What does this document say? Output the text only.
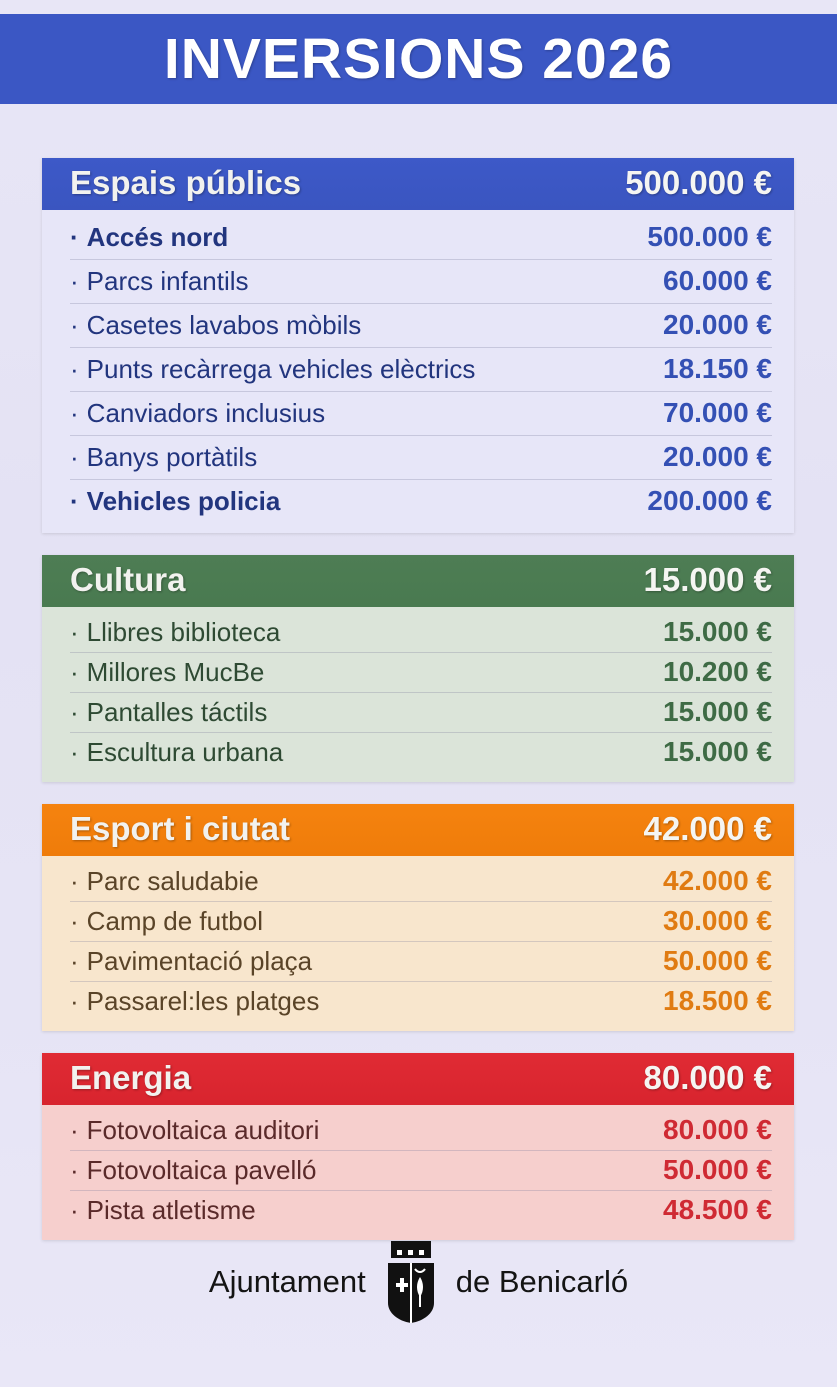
INVERSIONS 2026
Espais públics	500.000 €
· Accés nord	500.000 €
· Parcs infantils	60.000 €
· Casetes lavabos mòbils	20.000 €
· Punts recàrrega vehicles elèctrics	18.150 €
· Canviadors inclusius	70.000 €
· Banys portàtils	20.000 €
· Vehicles policia	200.000 €
Cultura	15.000 €
· Llibres biblioteca	15.000 €
· Millores MucBe	10.200 €
· Pantalles táctils	15.000 €
· Escultura urbana	15.000 €
Esport i ciutat	42.000 €
· Parc saludabie	42.000 €
· Camp de futbol	30.000 €
· Pavimentació plaça	50.000 €
· Passarel:les platges	18.500 €
Energia	80.000 €
· Fotovoltaica auditori	80.000 €
· Fotovoltaica pavelló	50.000 €
· Pista atletisme	48.500 €
Ajuntament	de Benicarló
